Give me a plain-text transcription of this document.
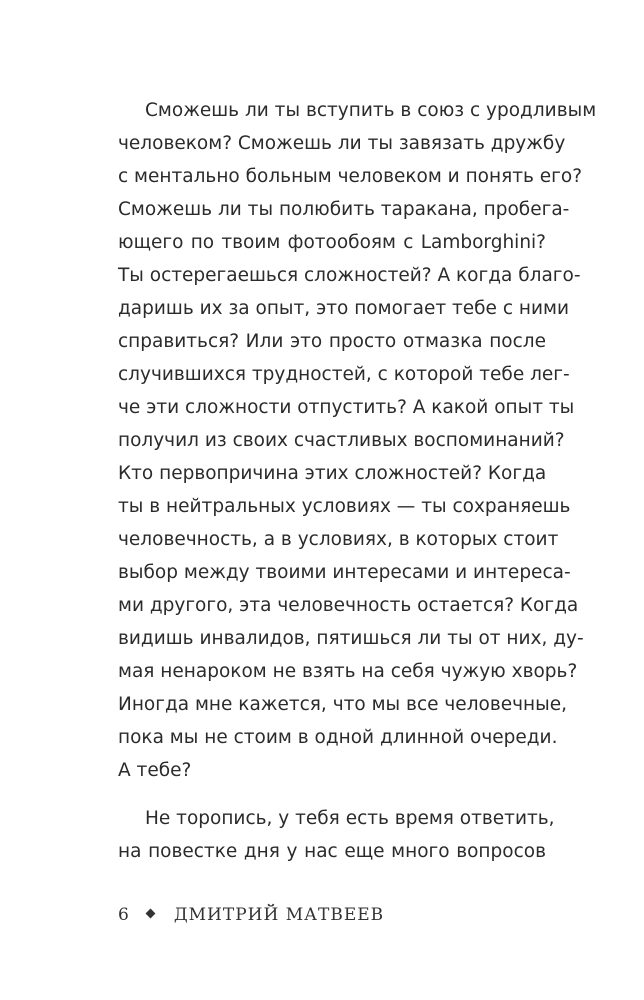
Сможешь ли ты вступить в союз с уродливым
человеком? Сможешь ли ты завязать дружбу
с ментально больным человеком и понять его?
Сможешь ли ты полюбить таракана, пробега-
ющего по твоим фотообоям с Lamborghini?
Ты остерегаешься сложностей? А когда благо-
даришь их за опыт, это помогает тебе с ними
справиться? Или это просто отмазка после
случившихся трудностей, с которой тебе лег-
че эти сложности отпустить? А какой опыт ты
получил из своих счастливых воспоминаний?
Кто первопричина этих сложностей? Когда
ты в нейтральных условиях — ты сохраняешь
человечность, а в условиях, в которых стоит
выбор между твоими интересами и интереса-
ми другого, эта человечность остается? Когда
видишь инвалидов, пятишься ли ты от них, ду-
мая ненароком не взять на себя чужую хворь?
Иногда мне кажется, что мы все человечные,
пока мы не стоим в одной длинной очереди.
А тебе?
Не торопись, у тебя есть время ответить,
на повестке дня у нас еще много вопросов
6	ДМИТРИЙ МАТВЕЕВ
